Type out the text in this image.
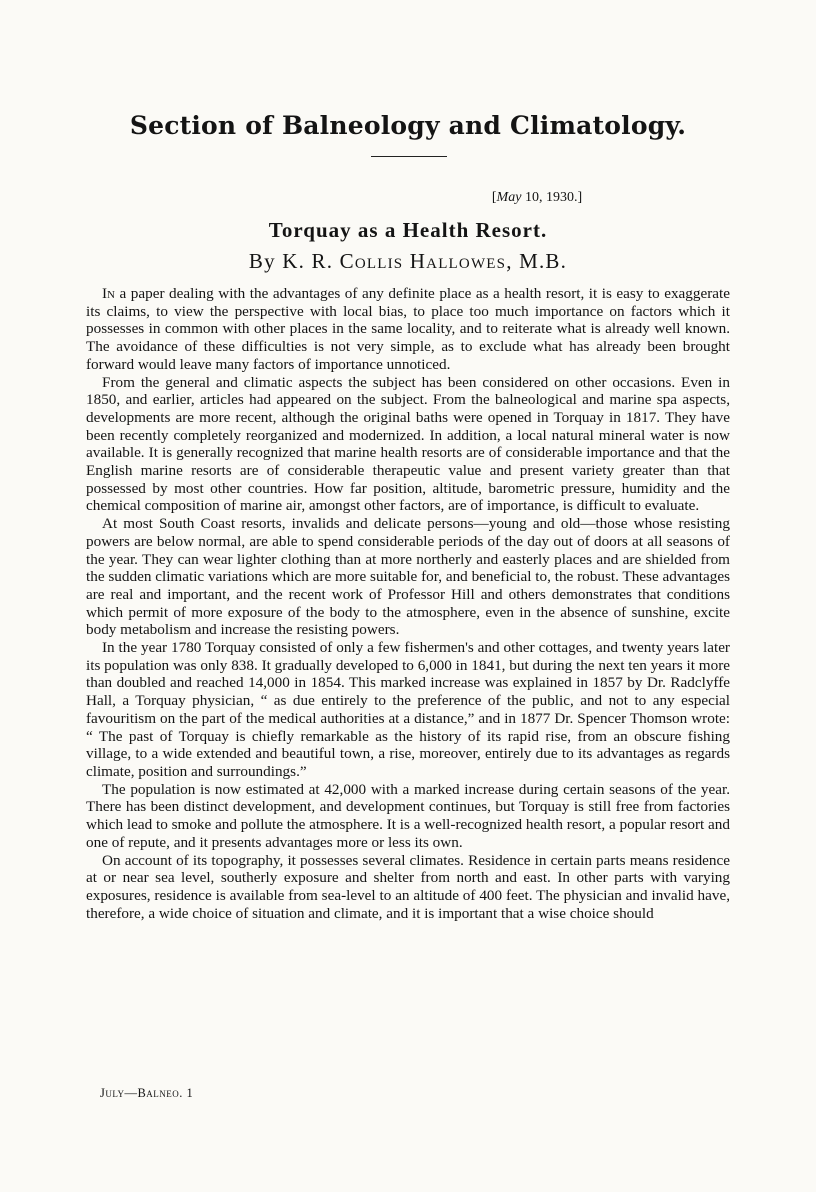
Section of Balneology and Climatology.
[May 10, 1930.]
Torquay as a Health Resort.
By K. R. Collis Hallowes, M.B.

In a paper dealing with the advantages of any definite place as a health resort, it is easy to exaggerate its claims, to view the perspective with local bias, to place too much importance on factors which it possesses in common with other places in the same locality, and to reiterate what is already well known. The avoidance of these difficulties is not very simple, as to exclude what has already been brought forward would leave many factors of importance unnoticed.

From the general and climatic aspects the subject has been considered on other occasions. Even in 1850, and earlier, articles had appeared on the subject. From the balneological and marine spa aspects, developments are more recent, although the original baths were opened in Torquay in 1817. They have been recently completely reorganized and modernized. In addition, a local natural mineral water is now available. It is generally recognized that marine health resorts are of considerable importance and that the English marine resorts are of considerable therapeutic value and present variety greater than that possessed by most other countries. How far position, altitude, barometric pressure, humidity and the chemical composition of marine air, amongst other factors, are of importance, is difficult to evaluate.

At most South Coast resorts, invalids and delicate persons—young and old—those whose resisting powers are below normal, are able to spend considerable periods of the day out of doors at all seasons of the year. They can wear lighter clothing than at more northerly and easterly places and are shielded from the sudden climatic variations which are more suitable for, and beneficial to, the robust. These advantages are real and important, and the recent work of Professor Hill and others demonstrates that conditions which permit of more exposure of the body to the atmosphere, even in the absence of sunshine, excite body metabolism and increase the resisting powers.

In the year 1780 Torquay consisted of only a few fishermen's and other cottages, and twenty years later its population was only 838. It gradually developed to 6,000 in 1841, but during the next ten years it more than doubled and reached 14,000 in 1854. This marked increase was explained in 1857 by Dr. Radclyffe Hall, a Torquay physician, “ as due entirely to the preference of the public, and not to any especial favouritism on the part of the medical authorities at a distance,” and in 1877 Dr. Spencer Thomson wrote: “ The past of Torquay is chiefly remarkable as the history of its rapid rise, from an obscure fishing village, to a wide extended and beautiful town, a rise, moreover, entirely due to its advantages as regards climate, position and surroundings.”

The population is now estimated at 42,000 with a marked increase during certain seasons of the year. There has been distinct development, and development continues, but Torquay is still free from factories which lead to smoke and pollute the atmosphere. It is a well-recognized health resort, a popular resort and one of repute, and it presents advantages more or less its own.

On account of its topography, it possesses several climates. Residence in certain parts means residence at or near sea level, southerly exposure and shelter from north and east. In other parts with varying exposures, residence is available from sea-level to an altitude of 400 feet. The physician and invalid have, therefore, a wide choice of situation and climate, and it is important that a wise choice should

July—Balneo. 1
